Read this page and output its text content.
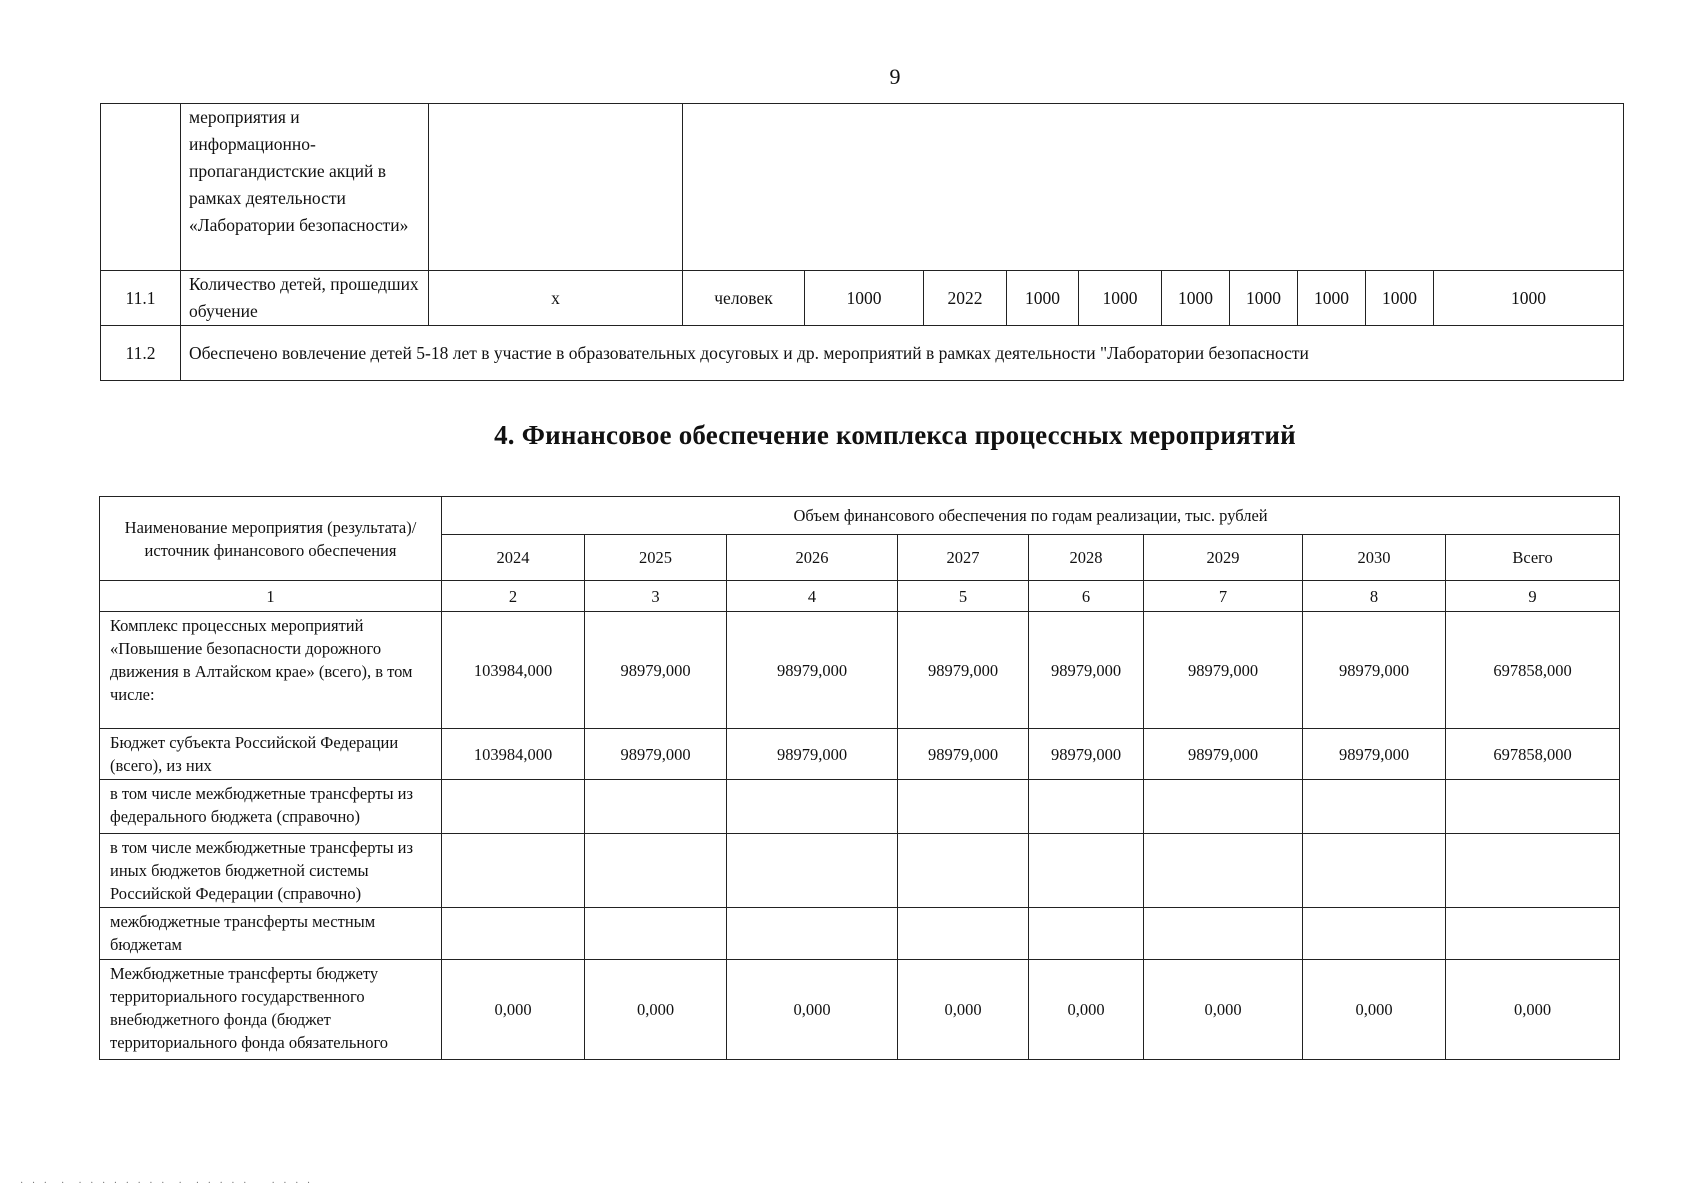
9
	мероприятия и информационно-пропагандистские акций в рамках деятельности «Лаборатории безопасности»											
11.1	Количество детей, прошедших обучение	х	человек	1000	2022	1000	1000	1000	1000	1000	1000	1000
11.2	Обеспечено вовлечение детей 5-18 лет в участие в образовательных досуговых и др. мероприятий в рамках деятельности "Лаборатории безопасности											
4. Финансовое обеспечение комплекса процессных мероприятий
Наименование мероприятия (результата)/ источник финансового обеспечения	Объем финансового обеспечения по годам реализации, тыс. рублей							
	2024	2025	2026	2027	2028	2029	2030	Всего
1	2	3	4	5	6	7	8	9
Комплекс процессных мероприятий «Повышение безопасности дорожного движения в Алтайском крае» (всего), в том числе:	103984,000	98979,000	98979,000	98979,000	98979,000	98979,000	98979,000	697858,000
Бюджет субъекта Российской Федерации (всего), из них	103984,000	98979,000	98979,000	98979,000	98979,000	98979,000	98979,000	697858,000
в том числе межбюджетные трансферты из федерального бюджета (справочно)								
в том числе межбюджетные трансферты из иных бюджетов бюджетной системы Российской Федерации (справочно)								
межбюджетные трансферты местным бюджетам								
Межбюджетные трансферты бюджету территориального государственного внебюджетного фонда (бюджет территориального фонда обязательного	0,000	0,000	0,000	0,000	0,000	0,000	0,000	0,000
· · ·  ·  · · · · · · · ·  ·  · · · · ·    · · · ·
